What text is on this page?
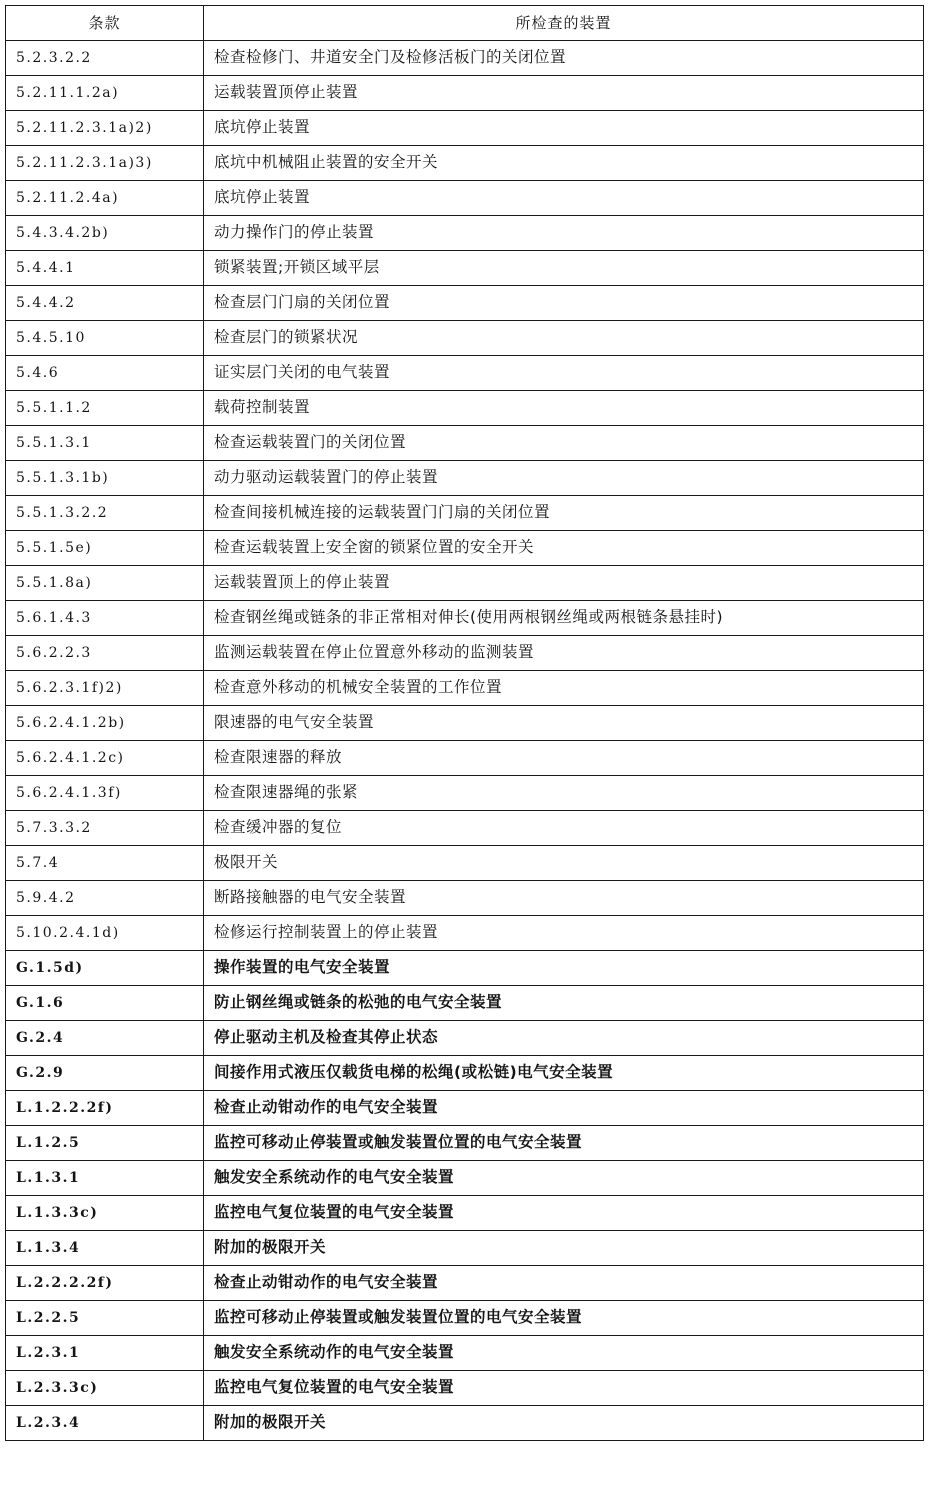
条款	所检查的装置
5.2.3.2.2	检查检修门、井道安全门及检修活板门的关闭位置
5.2.11.1.2a)	运载装置顶停止装置
5.2.11.2.3.1a)2)	底坑停止装置
5.2.11.2.3.1a)3)	底坑中机械阻止装置的安全开关
5.2.11.2.4a)	底坑停止装置
5.4.3.4.2b)	动力操作门的停止装置
5.4.4.1	锁紧装置;开锁区域平层
5.4.4.2	检查层门门扇的关闭位置
5.4.5.10	检查层门的锁紧状况
5.4.6	证实层门关闭的电气装置
5.5.1.1.2	载荷控制装置
5.5.1.3.1	检查运载装置门的关闭位置
5.5.1.3.1b)	动力驱动运载装置门的停止装置
5.5.1.3.2.2	检查间接机械连接的运载装置门门扇的关闭位置
5.5.1.5e)	检查运载装置上安全窗的锁紧位置的安全开关
5.5.1.8a)	运载装置顶上的停止装置
5.6.1.4.3	检查钢丝绳或链条的非正常相对伸长(使用两根钢丝绳或两根链条悬挂时)
5.6.2.2.3	监测运载装置在停止位置意外移动的监测装置
5.6.2.3.1f)2)	检查意外移动的机械安全装置的工作位置
5.6.2.4.1.2b)	限速器的电气安全装置
5.6.2.4.1.2c)	检查限速器的释放
5.6.2.4.1.3f)	检查限速器绳的张紧
5.7.3.3.2	检查缓冲器的复位
5.7.4	极限开关
5.9.4.2	断路接触器的电气安全装置
5.10.2.4.1d)	检修运行控制装置上的停止装置
G.1.5d)	操作装置的电气安全装置
G.1.6	防止钢丝绳或链条的松弛的电气安全装置
G.2.4	停止驱动主机及检查其停止状态
G.2.9	间接作用式液压仅载货电梯的松绳(或松链)电气安全装置
L.1.2.2.2f)	检查止动钳动作的电气安全装置
L.1.2.5	监控可移动止停装置或触发装置位置的电气安全装置
L.1.3.1	触发安全系统动作的电气安全装置
L.1.3.3c)	监控电气复位装置的电气安全装置
L.1.3.4	附加的极限开关
L.2.2.2.2f)	检查止动钳动作的电气安全装置
L.2.2.5	监控可移动止停装置或触发装置位置的电气安全装置
L.2.3.1	触发安全系统动作的电气安全装置
L.2.3.3c)	监控电气复位装置的电气安全装置
L.2.3.4	附加的极限开关
